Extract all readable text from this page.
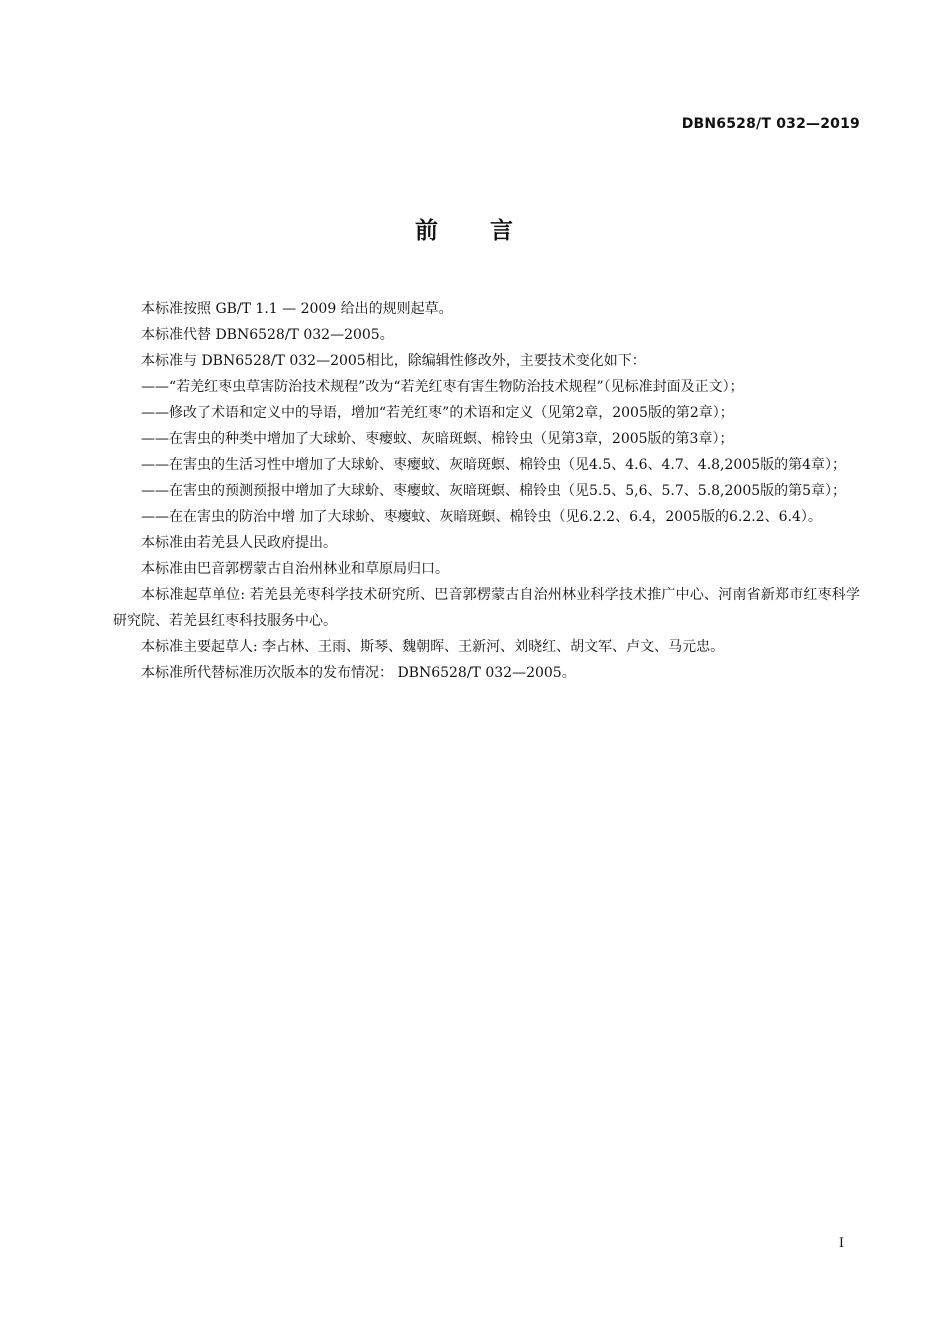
DBN6528/T 032—2019
前 言

本标准按照 GB/T 1.1 — 2009 给出的规则起草。

本标准代替 DBN6528/T 032—2005。

本标准与 DBN6528/T 032—2005相比，除编辑性修改外，主要技术变化如下：

——“若羌红枣虫草害防治技术规程”改为“若羌红枣有害生物防治技术规程”（见标准封面及正文）；

——修改了术语和定义中的导语，增加“若羌红枣”的术语和定义（见第2章，2005版的第2章）；

——在害虫的种类中增加了大球蚧、枣瘿蚊、灰暗斑螟、棉铃虫（见第3章，2005版的第3章）；

——在害虫的生活习性中增加了大球蚧、枣瘿蚊、灰暗斑螟、棉铃虫（见4.5、4.6、4.7、4.8,2005版的第4章）；

——在害虫的预测预报中增加了大球蚧、枣瘿蚊、灰暗斑螟、棉铃虫（见5.5、5,6、5.7、5.8,2005版的第5章）；

——在在害虫的防治中增 加了大球蚧、枣瘿蚊、灰暗斑螟、棉铃虫（见6.2.2、6.4，2005版的6.2.2、6.4）。

本标准由若羌县人民政府提出。

本标准由巴音郭楞蒙古自治州林业和草原局归口。

本标准起草单位: 若羌县羌枣科学技术研究所、巴音郭楞蒙古自治州林业科学技术推广中心、河南省新郑市红枣科学研究院、若羌县红枣科技服务中心。

本标准主要起草人: 李占林、王雨、斯琴、魏朝晖、王新河、刘晓红、胡文军、卢文、马元忠。

本标准所代替标准历次版本的发布情况： DBN6528/T 032—2005。

I
